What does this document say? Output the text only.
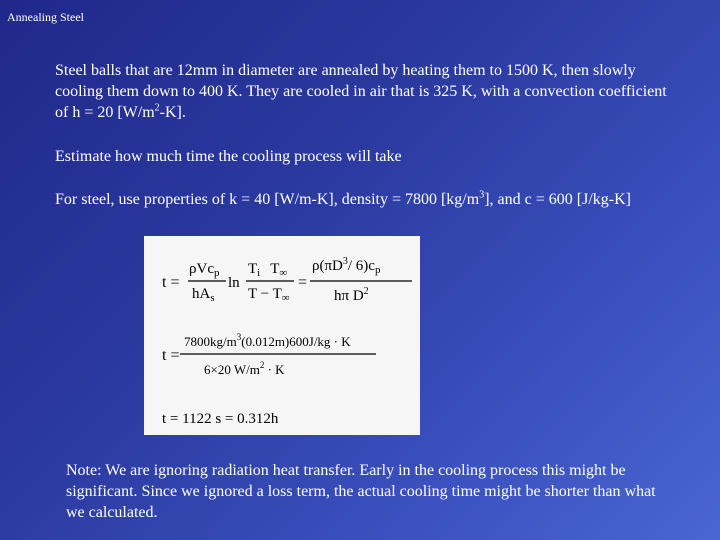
Annealing Steel

Steel balls that are 12mm in diameter are annealed by heating them to 1500 K, then slowly cooling them down to 400 K. They are cooled in air that is 325 K, with a convection coefficient of h = 20 $[W/m^2-K]$.

Estimate how much time the cooling process will take

For steel, use properties of k = 40 [W/m-K], density = 7800 $[kg/m^3]$, and c = 600 [J/kg-K]

t =
ρVc$_p$
$hA_s$
ln
$T_i$ $T_\infty$
$T - T_\infty$
=
$\rho(\pi D^3/$ $6)c_p$
hπ $D^2$
t =
$7800kg/m^3(0.012m)600J/kg \cdot K$
6×20 $W/m^2 \cdot K$
t = 1122 s = 0.312h

Note: We are ignoring radiation heat transfer. Early in the cooling process this might be significant. Since we ignored a loss term, the actual cooling time might be shorter than what we calculated.
